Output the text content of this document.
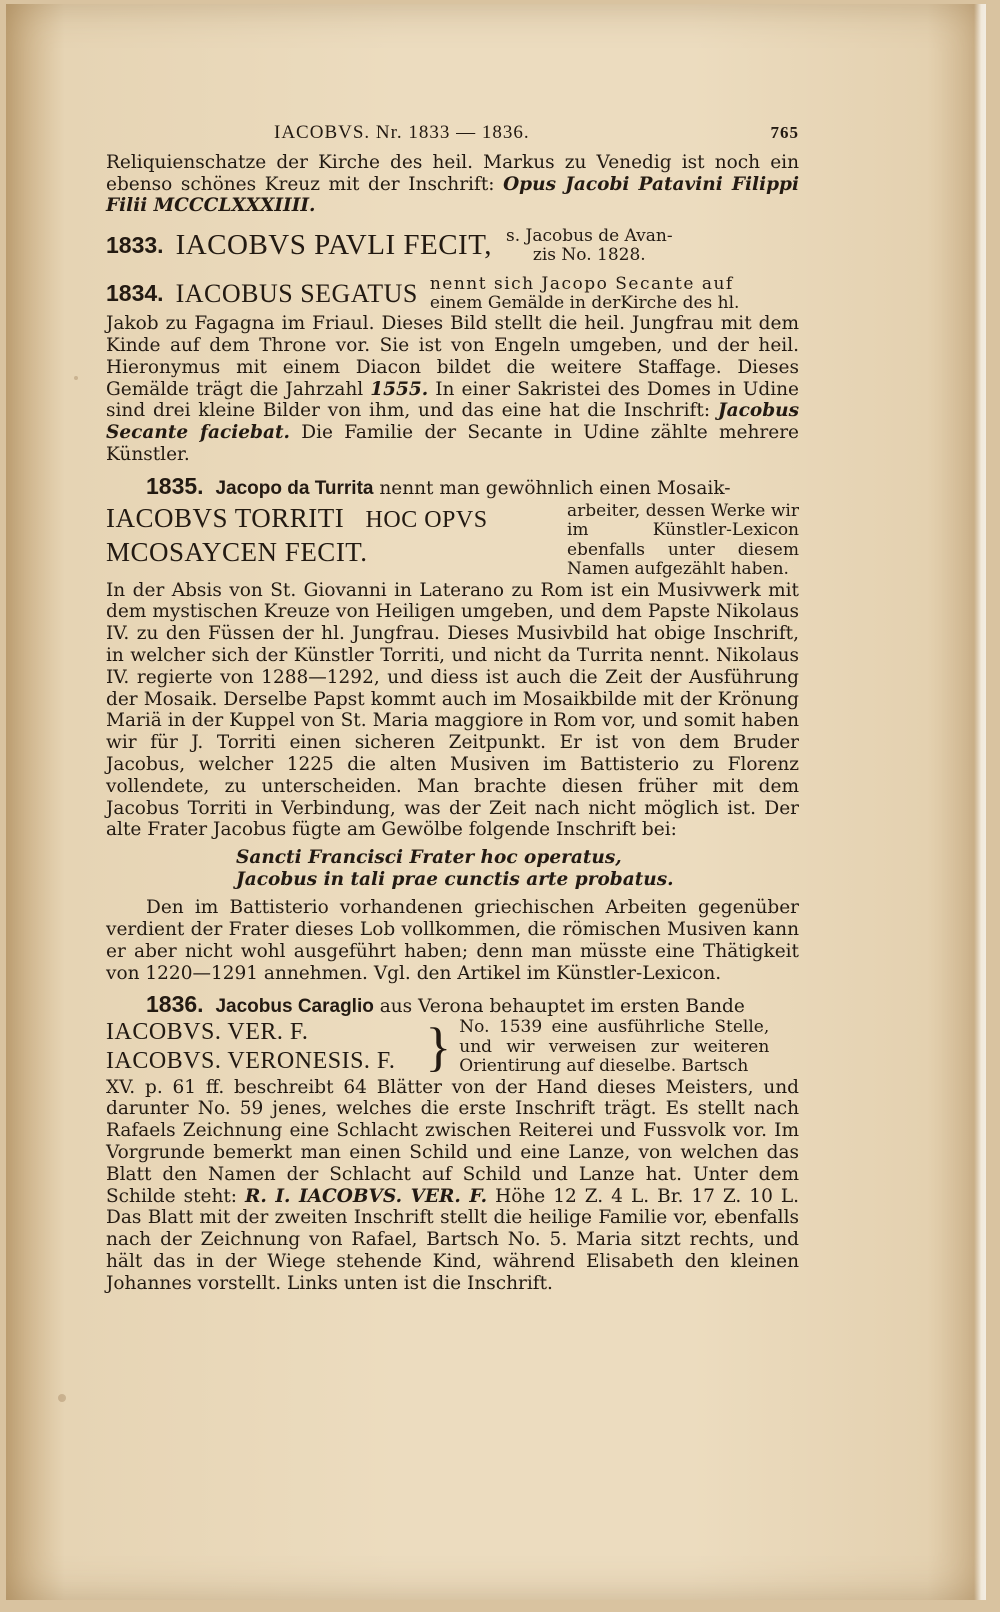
IACOBVS. Nr. 1833 — 1836.	765

Reliquienschatze der Kirche des heil. Markus zu Venedig ist noch ein ebenso schönes Kreuz mit der Inschrift: Opus Jacobi Patavini Filippi Filii MCCCLXXXIIII.

1833. IACOBVS PAVLI FECIT, s. Jacobus de Avan-
zis No. 1828.
1834. IACOBUS SEGATUS nennt sich Jacopo Secante auf
einem Gemälde in derKirche des hl.

Jakob zu Fagagna im Friaul. Dieses Bild stellt die heil. Jungfrau mit dem Kinde auf dem Throne vor. Sie ist von Engeln umgeben, und der heil. Hieronymus mit einem Diacon bildet die weitere Staffage. Dieses Gemälde trägt die Jahrzahl 1555. In einer Sakristei des Domes in Udine sind drei kleine Bilder von ihm, und das eine hat die Inschrift: Jacobus Secante faciebat. Die Familie der Secante in Udine zählte mehrere Künstler.

1835. Jacopo da Turrita nennt man gewöhnlich einen Mosaik-

IACOBVS TORRITI HOC OPVS
MCOSAYCEN FECIT.
arbeiter, dessen Werke wir im Künstler-Lexicon ebenfalls unter diesem Namen aufgezählt haben.

In der Absis von St. Giovanni in Laterano zu Rom ist ein Musivwerk mit dem mystischen Kreuze von Heiligen umgeben, und dem Papste Nikolaus IV. zu den Füssen der hl. Jungfrau. Dieses Musivbild hat obige Inschrift, in welcher sich der Künstler Torriti, und nicht da Turrita nennt. Nikolaus IV. regierte von 1288—1292, und diess ist auch die Zeit der Ausführung der Mosaik. Derselbe Papst kommt auch im Mosaikbilde mit der Krönung Mariä in der Kuppel von St. Maria maggiore in Rom vor, und somit haben wir für J. Torriti einen sicheren Zeitpunkt. Er ist von dem Bruder Jacobus, welcher 1225 die alten Musiven im Battisterio zu Florenz vollendete, zu unterscheiden. Man brachte diesen früher mit dem Jacobus Torriti in Verbindung, was der Zeit nach nicht möglich ist. Der alte Frater Jacobus fügte am Gewölbe folgende Inschrift bei:

Sancti Francisci Frater hoc operatus,
Jacobus in tali prae cunctis arte probatus.

Den im Battisterio vorhandenen griechischen Arbeiten gegenüber verdient der Frater dieses Lob vollkommen, die römischen Musiven kann er aber nicht wohl ausgeführt haben; denn man müsste eine Thätigkeit von 1220—1291 annehmen. Vgl. den Artikel im Künstler-Lexicon.

1836. Jacobus Caraglio aus Verona behauptet im ersten Bande

IACOBVS. VER. F.
IACOBVS. VERONESIS. F. } No. 1539 eine ausführliche Stelle, und wir verweisen zur weiteren Orientirung auf dieselbe. Bartsch

XV. p. 61 ff. beschreibt 64 Blätter von der Hand dieses Meisters, und darunter No. 59 jenes, welches die erste Inschrift trägt. Es stellt nach Rafaels Zeichnung eine Schlacht zwischen Reiterei und Fussvolk vor. Im Vorgrunde bemerkt man einen Schild und eine Lanze, von welchen das Blatt den Namen der Schlacht auf Schild und Lanze hat. Unter dem Schilde steht: R. I. IACOBVS. VER. F. Höhe 12 Z. 4 L. Br. 17 Z. 10 L. Das Blatt mit der zweiten Inschrift stellt die heilige Familie vor, ebenfalls nach der Zeichnung von Rafael, Bartsch No. 5. Maria sitzt rechts, und hält das in der Wiege stehende Kind, während Elisabeth den kleinen Johannes vorstellt. Links unten ist die Inschrift.
